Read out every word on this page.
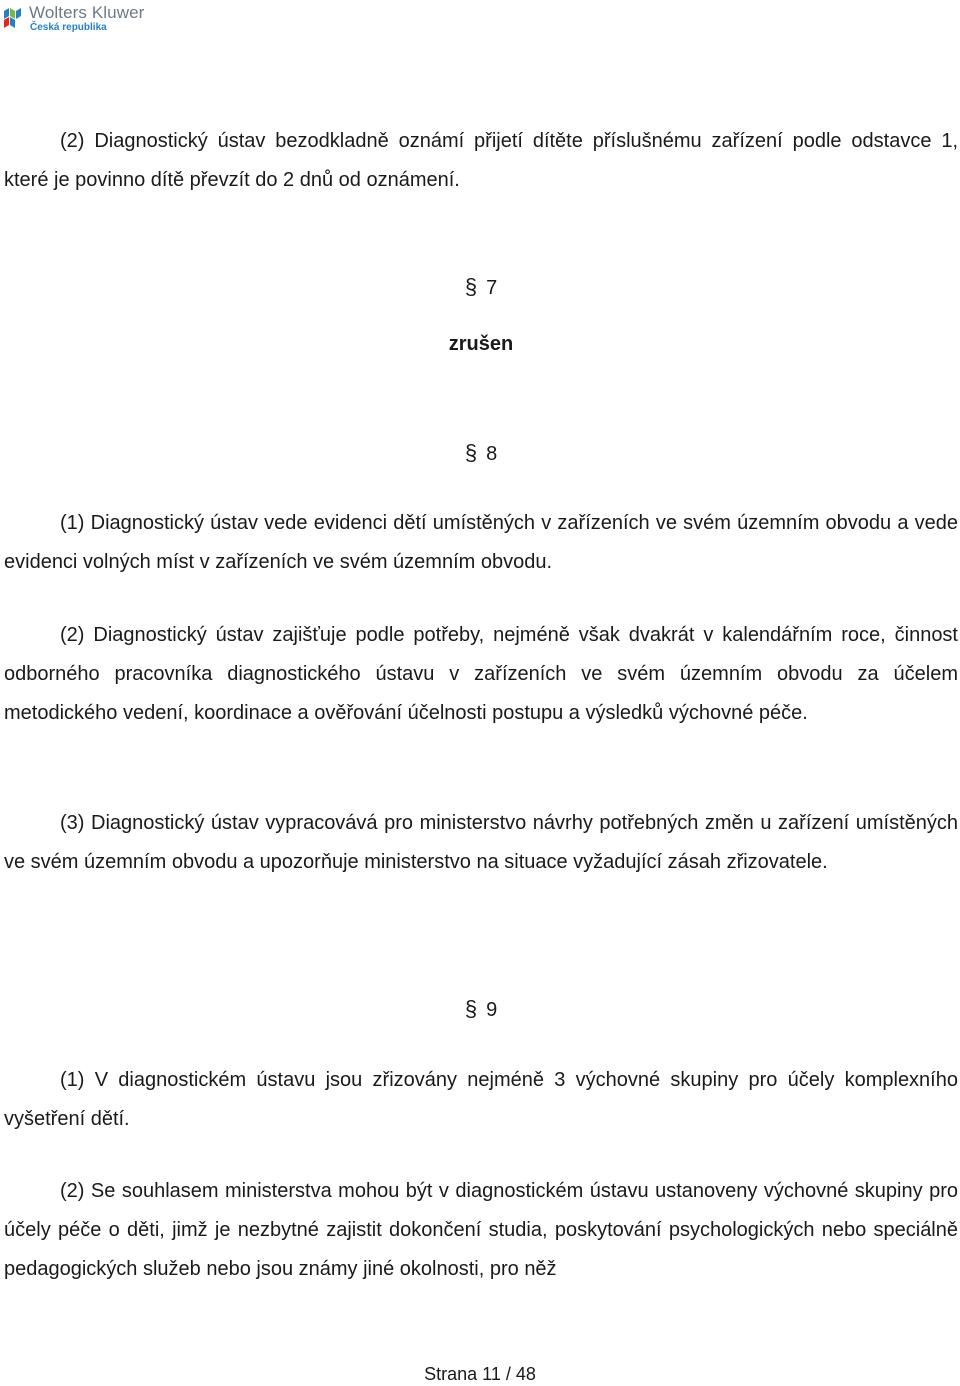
Wolters Kluwer
Česká republika

(2) Diagnostický ústav bezodkladně oznámí přijetí dítěte příslušnému zařízení podle odstavce 1, které je povinno dítě převzít do 2 dnů od oznámení.

§ 7
zrušen
§ 8

(1) Diagnostický ústav vede evidenci dětí umístěných v zařízeních ve svém územním obvodu a vede evidenci volných míst v zařízeních ve svém územním obvodu.

(2) Diagnostický ústav zajišťuje podle potřeby, nejméně však dvakrát v kalendářním roce, činnost odborného pracovníka diagnostického ústavu v zařízeních ve svém územním obvodu za účelem metodického vedení, koordinace a ověřování účelnosti postupu a výsledků výchovné péče.

(3) Diagnostický ústav vypracovává pro ministerstvo návrhy potřebných změn u zařízení umístěných ve svém územním obvodu a upozorňuje ministerstvo na situace vyžadující zásah zřizovatele.

§ 9

(1) V diagnostickém ústavu jsou zřizovány nejméně 3 výchovné skupiny pro účely komplexního vyšetření dětí.

(2) Se souhlasem ministerstva mohou být v diagnostickém ústavu ustanoveny výchovné skupiny pro účely péče o děti, jimž je nezbytné zajistit dokončení studia, poskytování psychologických nebo speciálně pedagogických služeb nebo jsou známy jiné okolnosti, pro něž

Strana 11 / 48
